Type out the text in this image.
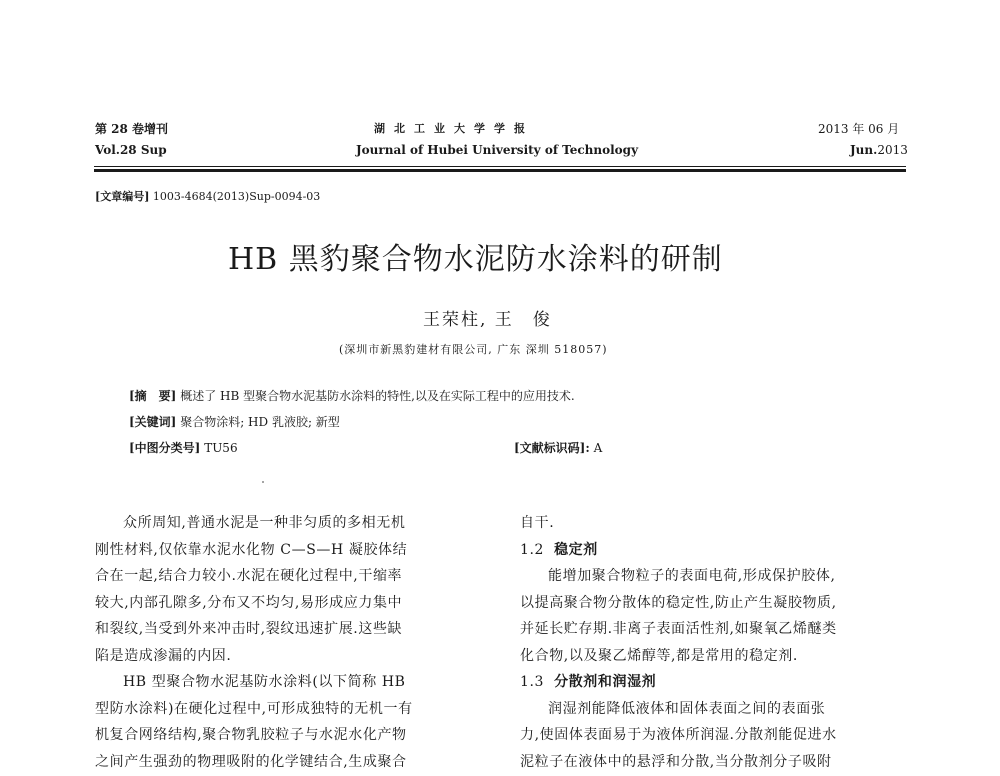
第 28 卷增刊
Vol.28 Sup
湖北工业大学学报
Journal of Hubei University of Technology
2013 年 06 月
Jun.2013
[文章编号] 1003-4684(2013)Sup-0094-03
HB 黑豹聚合物水泥防水涂料的研制
王荣柱, 王　俊
(深圳市新黑豹建材有限公司, 广东 深圳 518057)
[摘　要] 概述了 HB 型聚合物水泥基防水涂料的特性,以及在实际工程中的应用技术.
[关键词] 聚合物涂料; HD 乳液胶; 新型
[中图分类号] TU56	[文献标识码]: A

众所周知,普通水泥是一种非匀质的多相无机

刚性材料,仅依靠水泥水化物 C—S—H 凝胶体结

合在一起,结合力较小.水泥在硬化过程中,干缩率

较大,内部孔隙多,分布又不均匀,易形成应力集中

和裂纹,当受到外来冲击时,裂纹迅速扩展.这些缺

陷是造成渗漏的内因.

HB 型聚合物水泥基防水涂料(以下简称 HB

型防水涂料)在硬化过程中,可形成独特的无机一有

机复合网络结构,聚合物乳胶粒子与水泥水化产物

之间产生强劲的物理吸附的化学键结合,生成聚合

自干.

1.2 稳定剂

能增加聚合物粒子的表面电荷,形成保护胶体,

以提高聚合物分散体的稳定性,防止产生凝胶物质,

并延长贮存期.非离子表面活性剂,如聚氧乙烯醚类

化合物,以及聚乙烯醇等,都是常用的稳定剂.

1.3 分散剂和润湿剂

润湿剂能降低液体和固体表面之间的表面张

力,使固体表面易于为液体所润湿.分散剂能促进水

泥粒子在液体中的悬浮和分散,当分散剂分子吸附
